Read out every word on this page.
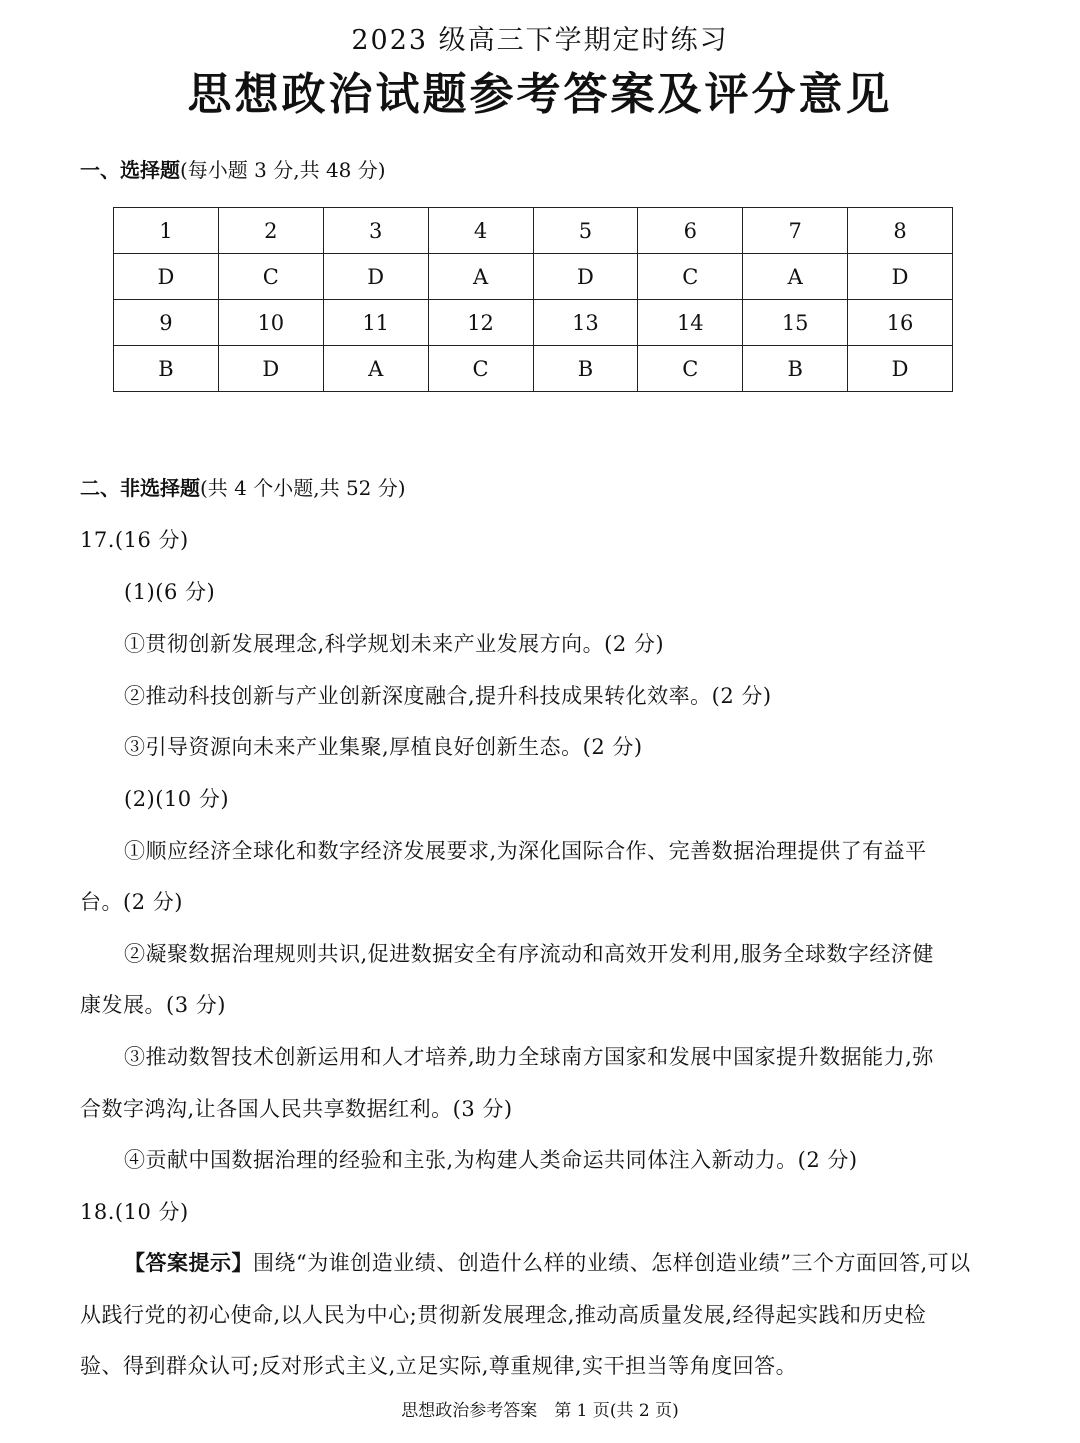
2023 级高三下学期定时练习
思想政治试题参考答案及评分意见
一、选择题(每小题 3 分,共 48 分)
1	2	3	4	5	6	7	8
D	C	D	A	D	C	A	D
9	10	11	12	13	14	15	16
B	D	A	C	B	C	B	D
二、非选择题(共 4 个小题,共 52 分)
17.(16 分)
(1)(6 分)
①贯彻创新发展理念,科学规划未来产业发展方向。(2 分)
②推动科技创新与产业创新深度融合,提升科技成果转化效率。(2 分)
③引导资源向未来产业集聚,厚植良好创新生态。(2 分)
(2)(10 分)
①顺应经济全球化和数字经济发展要求,为深化国际合作、完善数据治理提供了有益平
台。(2 分)
②凝聚数据治理规则共识,促进数据安全有序流动和高效开发利用,服务全球数字经济健
康发展。(3 分)
③推动数智技术创新运用和人才培养,助力全球南方国家和发展中国家提升数据能力,弥
合数字鸿沟,让各国人民共享数据红利。(3 分)
④贡献中国数据治理的经验和主张,为构建人类命运共同体注入新动力。(2 分)
18.(10 分)
【答案提示】围绕“为谁创造业绩、创造什么样的业绩、怎样创造业绩”三个方面回答,可以
从践行党的初心使命,以人民为中心;贯彻新发展理念,推动高质量发展,经得起实践和历史检
验、得到群众认可;反对形式主义,立足实际,尊重规律,实干担当等角度回答。
思想政治参考答案　第 1 页(共 2 页)
